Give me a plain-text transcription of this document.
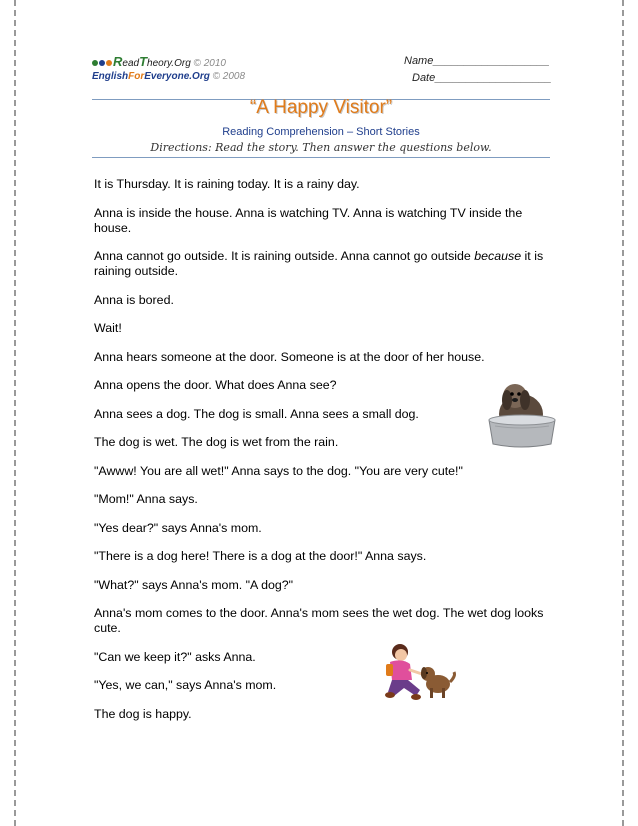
ReadTheory.Org © 2010
EnglishForEveryone.Org © 2008
Name___________________
Date___________________
“A Happy Visitor”
Reading Comprehension – Short Stories
Directions: Read the story. Then answer the questions below.

It is Thursday. It is raining today. It is a rainy day.

Anna is inside the house. Anna is watching TV. Anna is watching TV inside the house.

Anna cannot go outside. It is raining outside. Anna cannot go outside because it is raining outside.

Anna is bored.

Wait!

Anna hears someone at the door. Someone is at the door of her house.

Anna opens the door. What does Anna see?

Anna sees a dog. The dog is small. Anna sees a small dog.

The dog is wet. The dog is wet from the rain.

"Awww! You are all wet!" Anna says to the dog. "You are very cute!"

"Mom!" Anna says.

"Yes dear?" says Anna's mom.

"There is a dog here! There is a dog at the door!" Anna says.

"What?" says Anna's mom. "A dog?"

Anna's mom comes to the door. Anna's mom sees the wet dog. The wet dog looks cute.

"Can we keep it?" asks Anna.

"Yes, we can," says Anna's mom.

The dog is happy.
